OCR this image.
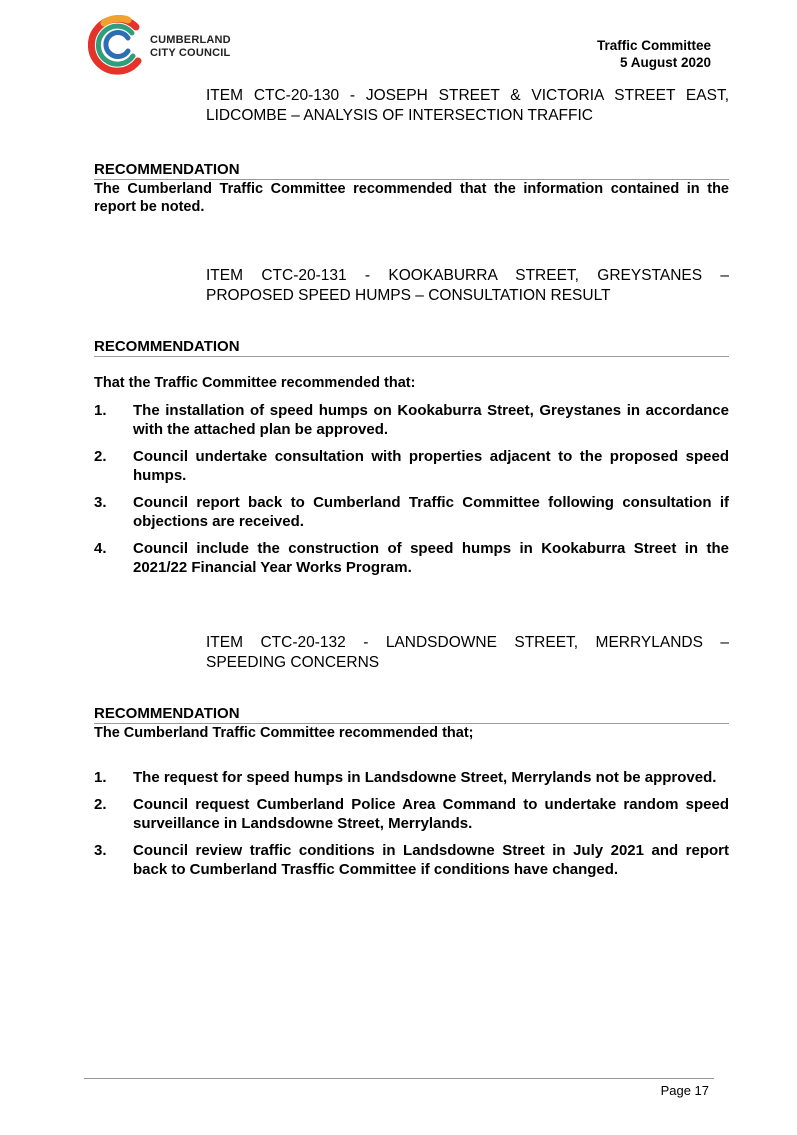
CUMBERLAND
CITY COUNCIL	Traffic Committee
5 August 2020
ITEM CTC-20-130 - JOSEPH STREET & VICTORIA STREET EAST, LIDCOMBE – ANALYSIS OF INTERSECTION TRAFFIC
RECOMMENDATION
The Cumberland Traffic Committee recommended that the information contained in the report be noted.
ITEM CTC-20-131 - KOOKABURRA STREET, GREYSTANES – PROPOSED SPEED HUMPS – CONSULTATION RESULT
RECOMMENDATION
That the Traffic Committee recommended that:
1.	The installation of speed humps on Kookaburra Street, Greystanes in accordance with the attached plan be approved.
2.	Council undertake consultation with properties adjacent to the proposed speed humps.
3.	Council report back to Cumberland Traffic Committee following consultation if objections are received.
4.	Council include the construction of speed humps in Kookaburra Street in the 2021/22 Financial Year Works Program.
ITEM CTC-20-132 - LANDSDOWNE STREET, MERRYLANDS – SPEEDING CONCERNS
RECOMMENDATION
The Cumberland Traffic Committee recommended that;
1.	The request for speed humps in Landsdowne Street, Merrylands not be approved.
2.	Council request Cumberland Police Area Command to undertake random speed surveillance in Landsdowne Street, Merrylands.
3.	Council review traffic conditions in Landsdowne Street in July 2021 and report back to Cumberland Trasffic Committee if conditions have changed.
Page 17
